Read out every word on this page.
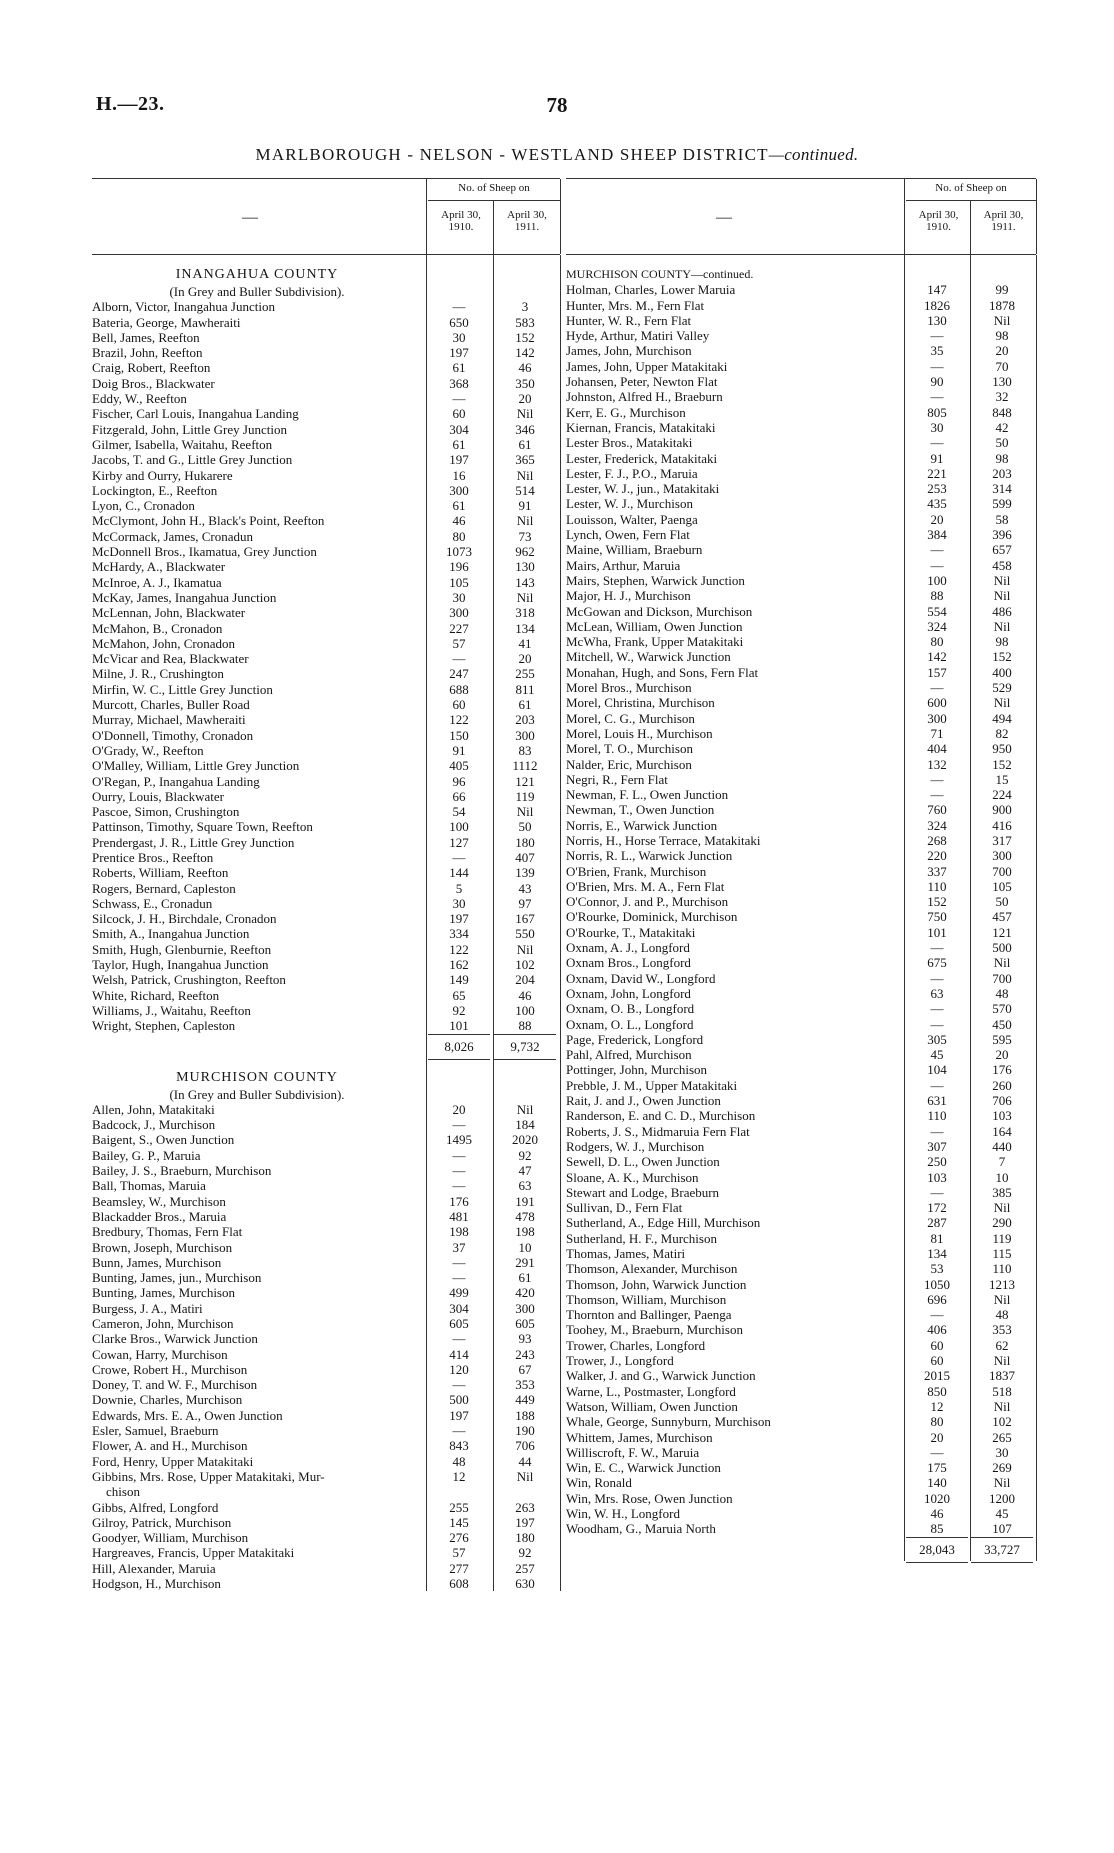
H.—23.	78
MARLBOROUGH - NELSON - WESTLAND SHEEP DISTRICT—continued.
—
No. of Sheep on
April 30, 1910.
April 30, 1911.
INANGAHUA COUNTY
(In Grey and Buller Subdivision).
Alborn, Victor, Inangahua Junction	—	3
Bateria, George, Mawheraiti	650	583
Bell, James, Reefton	30	152
Brazil, John, Reefton	197	142
Craig, Robert, Reefton	61	46
Doig Bros., Blackwater	368	350
Eddy, W., Reefton	—	20
Fischer, Carl Louis, Inangahua Landing	60	Nil
Fitzgerald, John, Little Grey Junction	304	346
Gilmer, Isabella, Waitahu, Reefton	61	61
Jacobs, T. and G., Little Grey Junction	197	365
Kirby and Ourry, Hukarere	16	Nil
Lockington, E., Reefton	300	514
Lyon, C., Cronadon	61	91
McClymont, John H., Black's Point, Reefton	46	Nil
McCormack, James, Cronadun	80	73
McDonnell Bros., Ikamatua, Grey Junction	1073	962
McHardy, A., Blackwater	196	130
McInroe, A. J., Ikamatua	105	143
McKay, James, Inangahua Junction	30	Nil
McLennan, John, Blackwater	300	318
McMahon, B., Cronadon	227	134
McMahon, John, Cronadon	57	41
McVicar and Rea, Blackwater	—	20
Milne, J. R., Crushington	247	255
Mirfin, W. C., Little Grey Junction	688	811
Murcott, Charles, Buller Road	60	61
Murray, Michael, Mawheraiti	122	203
O'Donnell, Timothy, Cronadon	150	300
O'Grady, W., Reefton	91	83
O'Malley, William, Little Grey Junction	405	1112
O'Regan, P., Inangahua Landing	96	121
Ourry, Louis, Blackwater	66	119
Pascoe, Simon, Crushington	54	Nil
Pattinson, Timothy, Square Town, Reefton	100	50
Prendergast, J. R., Little Grey Junction	127	180
Prentice Bros., Reefton	—	407
Roberts, William, Reefton	144	139
Rogers, Bernard, Capleston	5	43
Schwass, E., Cronadun	30	97
Silcock, J. H., Birchdale, Cronadon	197	167
Smith, A., Inangahua Junction	334	550
Smith, Hugh, Glenburnie, Reefton	122	Nil
Taylor, Hugh, Inangahua Junction	162	102
Welsh, Patrick, Crushington, Reefton	149	204
White, Richard, Reefton	65	46
Williams, J., Waitahu, Reefton	92	100
Wright, Stephen, Capleston	101	88
8,026	9,732
MURCHISON COUNTY
(In Grey and Buller Subdivision).
Allen, John, Matakitaki	20	Nil
Badcock, J., Murchison	—	184
Baigent, S., Owen Junction	1495	2020
Bailey, G. P., Maruia	—	92
Bailey, J. S., Braeburn, Murchison	—	47
Ball, Thomas, Maruia	—	63
Beamsley, W., Murchison	176	191
Blackadder Bros., Maruia	481	478
Bredbury, Thomas, Fern Flat	198	198
Brown, Joseph, Murchison	37	10
Bunn, James, Murchison	—	291
Bunting, James, jun., Murchison	—	61
Bunting, James, Murchison	499	420
Burgess, J. A., Matiri	304	300
Cameron, John, Murchison	605	605
Clarke Bros., Warwick Junction	—	93
Cowan, Harry, Murchison	414	243
Crowe, Robert H., Murchison	120	67
Doney, T. and W. F., Murchison	—	353
Downie, Charles, Murchison	500	449
Edwards, Mrs. E. A., Owen Junction	197	188
Esler, Samuel, Braeburn	—	190
Flower, A. and H., Murchison	843	706
Ford, Henry, Upper Matakitaki	48	44
Gibbins, Mrs. Rose, Upper Matakitaki, Mur-	12	Nil
chison
Gibbs, Alfred, Longford	255	263
Gilroy, Patrick, Murchison	145	197
Goodyer, William, Murchison	276	180
Hargreaves, Francis, Upper Matakitaki	57	92
Hill, Alexander, Maruia	277	257
Hodgson, H., Murchison	608	630
—
No. of Sheep on
April 30, 1910.
April 30, 1911.
MURCHISON COUNTY—continued.
Holman, Charles, Lower Maruia	147	99
Hunter, Mrs. M., Fern Flat	1826	1878
Hunter, W. R., Fern Flat	130	Nil
Hyde, Arthur, Matiri Valley	—	98
James, John, Murchison	35	20
James, John, Upper Matakitaki	—	70
Johansen, Peter, Newton Flat	90	130
Johnston, Alfred H., Braeburn	—	32
Kerr, E. G., Murchison	805	848
Kiernan, Francis, Matakitaki	30	42
Lester Bros., Matakitaki	—	50
Lester, Frederick, Matakitaki	91	98
Lester, F. J., P.O., Maruia	221	203
Lester, W. J., jun., Matakitaki	253	314
Lester, W. J., Murchison	435	599
Louisson, Walter, Paenga	20	58
Lynch, Owen, Fern Flat	384	396
Maine, William, Braeburn	—	657
Mairs, Arthur, Maruia	—	458
Mairs, Stephen, Warwick Junction	100	Nil
Major, H. J., Murchison	88	Nil
McGowan and Dickson, Murchison	554	486
McLean, William, Owen Junction	324	Nil
McWha, Frank, Upper Matakitaki	80	98
Mitchell, W., Warwick Junction	142	152
Monahan, Hugh, and Sons, Fern Flat	157	400
Morel Bros., Murchison	—	529
Morel, Christina, Murchison	600	Nil
Morel, C. G., Murchison	300	494
Morel, Louis H., Murchison	71	82
Morel, T. O., Murchison	404	950
Nalder, Eric, Murchison	132	152
Negri, R., Fern Flat	—	15
Newman, F. L., Owen Junction	—	224
Newman, T., Owen Junction	760	900
Norris, E., Warwick Junction	324	416
Norris, H., Horse Terrace, Matakitaki	268	317
Norris, R. L., Warwick Junction	220	300
O'Brien, Frank, Murchison	337	700
O'Brien, Mrs. M. A., Fern Flat	110	105
O'Connor, J. and P., Murchison	152	50
O'Rourke, Dominick, Murchison	750	457
O'Rourke, T., Matakitaki	101	121
Oxnam, A. J., Longford	—	500
Oxnam Bros., Longford	675	Nil
Oxnam, David W., Longford	—	700
Oxnam, John, Longford	63	48
Oxnam, O. B., Longford	—	570
Oxnam, O. L., Longford	—	450
Page, Frederick, Longford	305	595
Pahl, Alfred, Murchison	45	20
Pottinger, John, Murchison	104	176
Prebble, J. M., Upper Matakitaki	—	260
Rait, J. and J., Owen Junction	631	706
Randerson, E. and C. D., Murchison	110	103
Roberts, J. S., Midmaruia Fern Flat	—	164
Rodgers, W. J., Murchison	307	440
Sewell, D. L., Owen Junction	250	7
Sloane, A. K., Murchison	103	10
Stewart and Lodge, Braeburn	—	385
Sullivan, D., Fern Flat	172	Nil
Sutherland, A., Edge Hill, Murchison	287	290
Sutherland, H. F., Murchison	81	119
Thomas, James, Matiri	134	115
Thomson, Alexander, Murchison	53	110
Thomson, John, Warwick Junction	1050	1213
Thomson, William, Murchison	696	Nil
Thornton and Ballinger, Paenga	—	48
Toohey, M., Braeburn, Murchison	406	353
Trower, Charles, Longford	60	62
Trower, J., Longford	60	Nil
Walker, J. and G., Warwick Junction	2015	1837
Warne, L., Postmaster, Longford	850	518
Watson, William, Owen Junction	12	Nil
Whale, George, Sunnyburn, Murchison	80	102
Whittem, James, Murchison	20	265
Williscroft, F. W., Maruia	—	30
Win, E. C., Warwick Junction	175	269
Win, Ronald	140	Nil
Win, Mrs. Rose, Owen Junction	1020	1200
Win, W. H., Longford	46	45
Woodham, G., Maruia North	85	107
28,043	33,727
